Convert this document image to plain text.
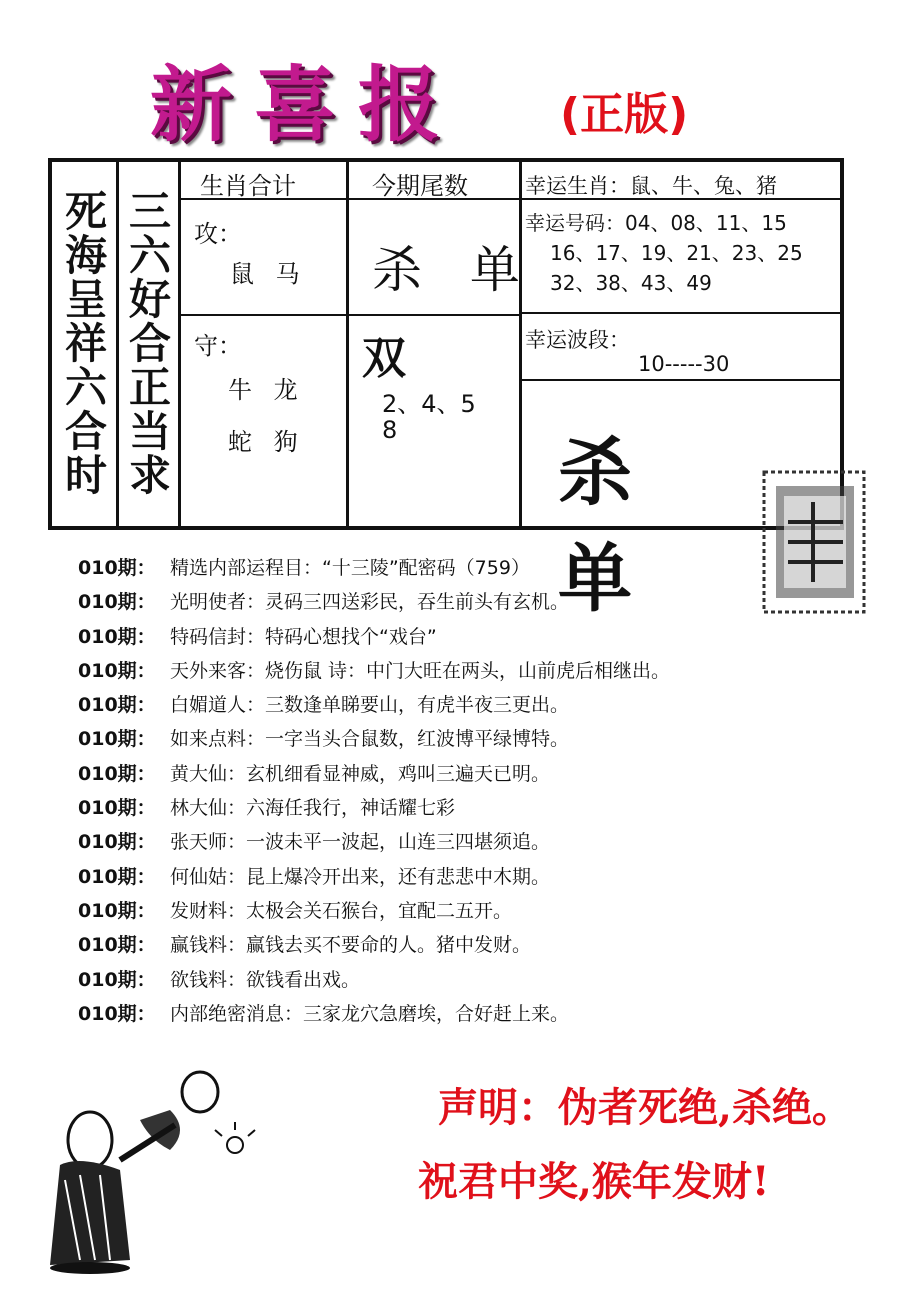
新喜报 (正版)
死海呈祥六合时
三六好合正当求
生肖合计	今期尾数	幸运生肖：鼠、牛、兔、猪
攻：
鼠 马 杀 单
幸运号码：04、08、11、15
16、17、19、21、23、25
32、38、43、49
守：
牛 龙
蛇 狗
双
2、4、5
8
幸运波段：
10-----30
杀 单
010期： 精选内部运程目：“十三陵”配密码（759）
010期： 光明使者：灵码三四送彩民，吞生前头有玄机。
010期： 特码信封：特码心想找个“戏台”
010期： 天外来客：烧伤鼠 诗：中门大旺在两头，山前虎后相继出。
010期： 白媚道人：三数逢单睇要山，有虎半夜三更出。
010期： 如来点料：一字当头合鼠数，红波博平绿博特。
010期： 黄大仙：玄机细看显神威，鸡叫三遍天已明。
010期： 林大仙：六海任我行，神话耀七彩
010期： 张天师：一波未平一波起，山连三四堪须追。
010期： 何仙姑：昆上爆冷开出来，还有悲悲中木期。
010期： 发财料：太极会关石猴台，宜配二五开。
010期： 赢钱料：赢钱去买不要命的人。猪中发财。
010期： 欲钱料：欲钱看出戏。
010期： 内部绝密消息：三家龙穴急磨埃，合好赶上来。
声明：伪者死绝,杀绝。
祝君中奖,猴年发财!
